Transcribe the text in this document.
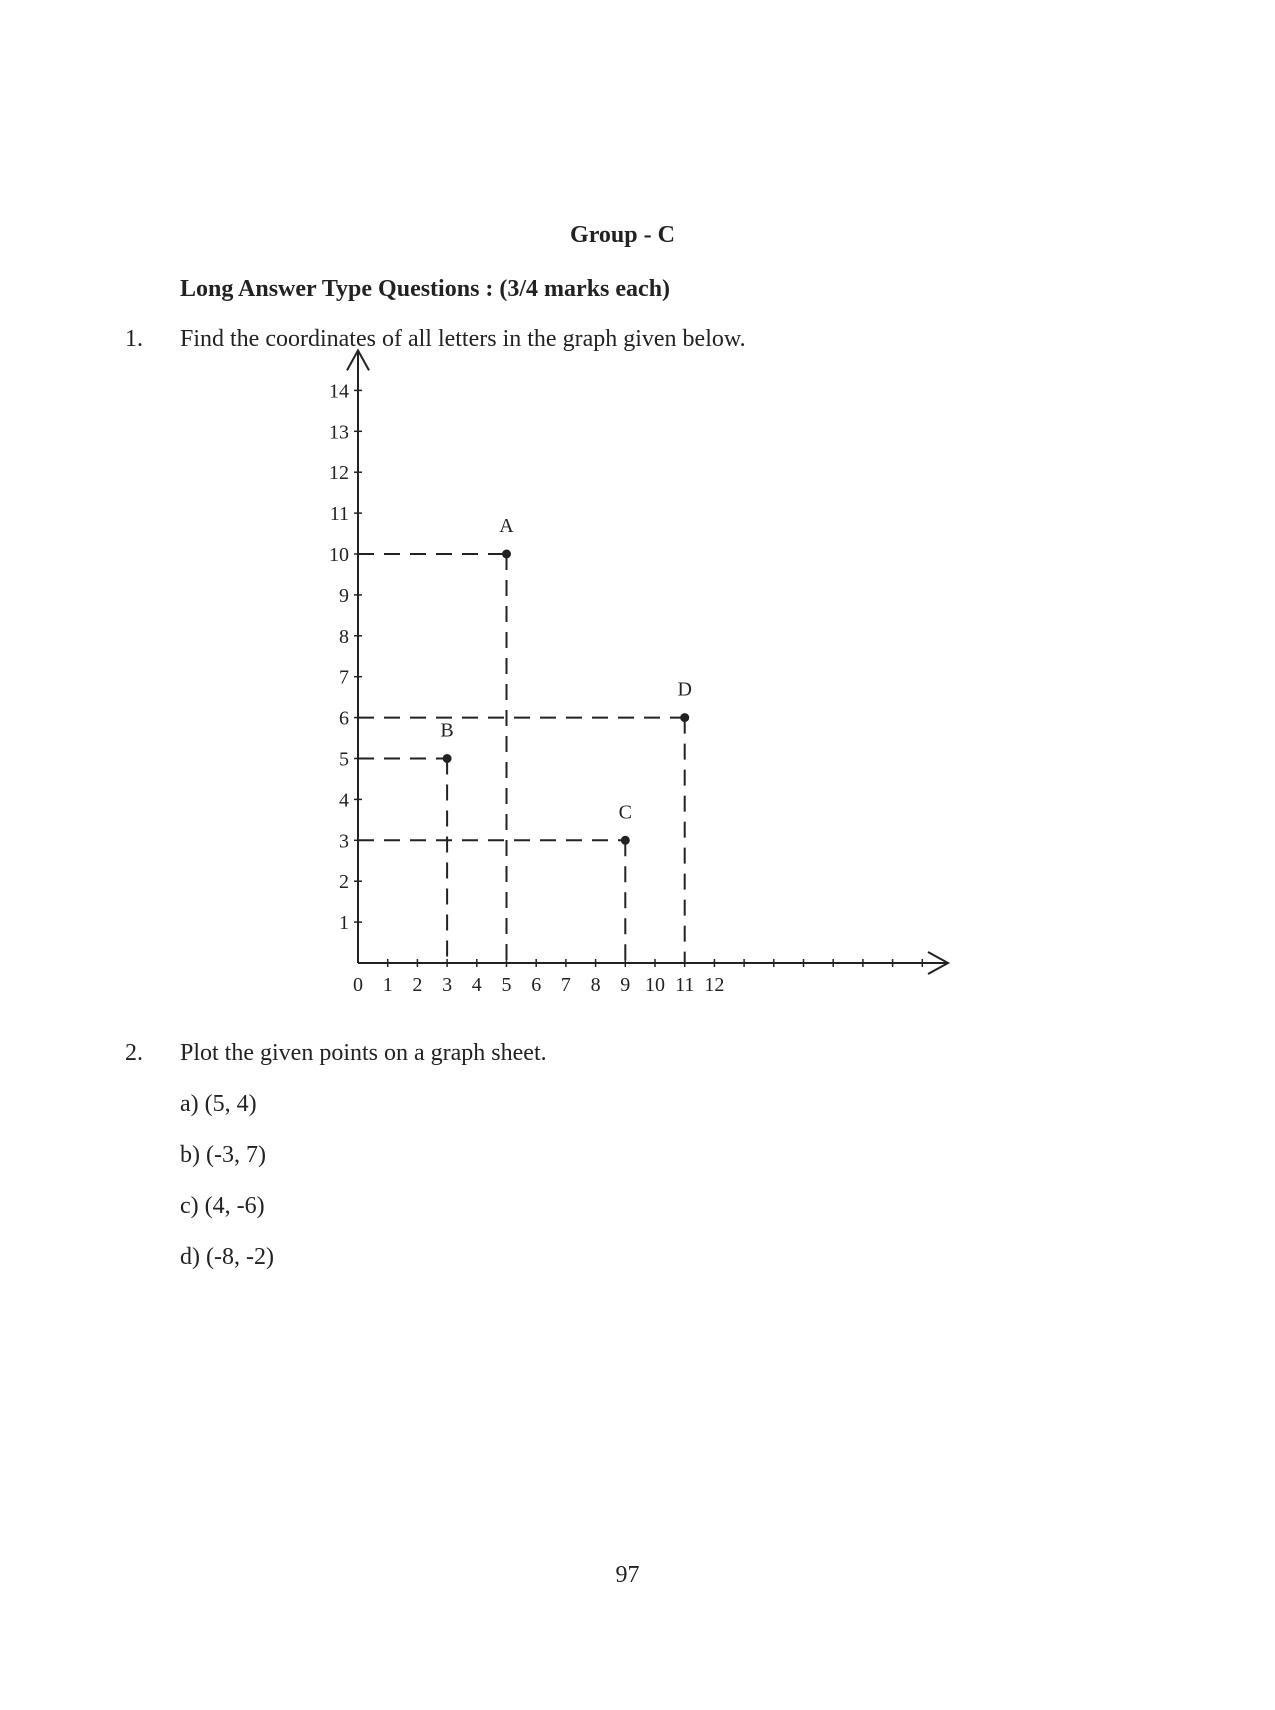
Group - C
Long Answer Type Questions : (3/4 marks each)
1. Find the coordinates of all letters in the graph given below.
0 1 2 3 4 5 6 7 8 9 10 11 12
1
2
3
4
5
6
7
8
9
10
11
12
13
14
A
B
C
D
2. Plot the given points on a graph sheet.
a) (5, 4)
b) (-3, 7)
c) (4, -6)
d) (-8, -2)
97
